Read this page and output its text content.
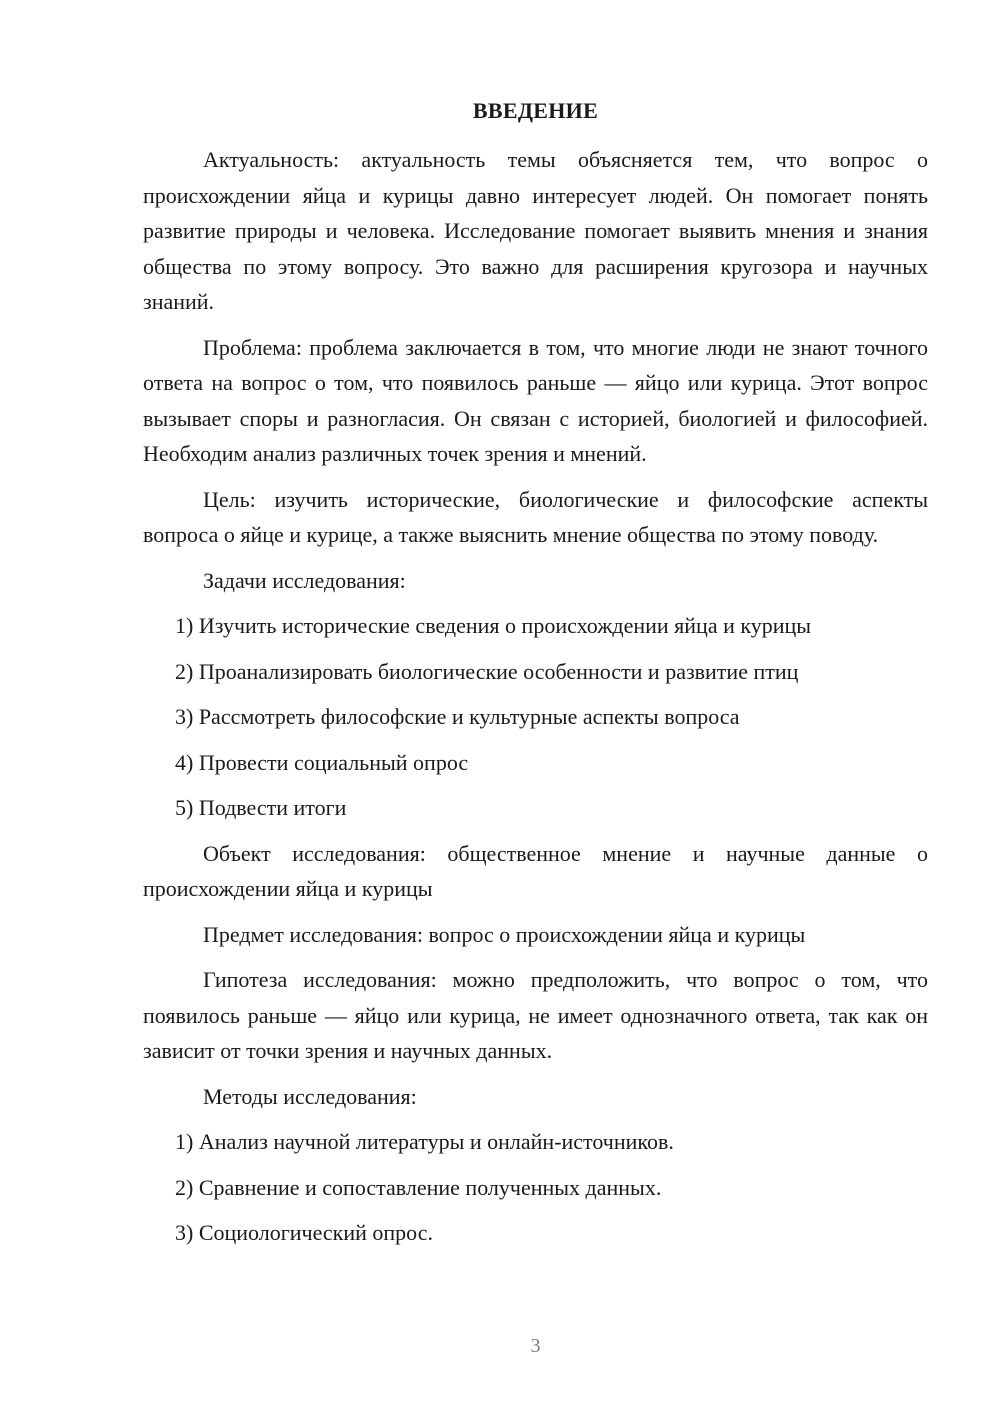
ВВЕДЕНИЕ

Актуальность: актуальность темы объясняется тем, что вопрос о происхождении яйца и курицы давно интересует людей. Он помогает понять развитие природы и человека. Исследование помогает выявить мнения и знания общества по этому вопросу. Это важно для расширения кругозора и научных знаний.

Проблема: проблема заключается в том, что многие люди не знают точного ответа на вопрос о том, что появилось раньше — яйцо или курица. Этот вопрос вызывает споры и разногласия. Он связан с историей, биологией и философией. Необходим анализ различных точек зрения и мнений.

Цель: изучить исторические, биологические и философские аспекты вопроса о яйце и курице, а также выяснить мнение общества по этому поводу.

Задачи исследования:

1) Изучить исторические сведения о происхождении яйца и курицы

2) Проанализировать биологические особенности и развитие птиц

3) Рассмотреть философские и культурные аспекты вопроса

4) Провести социальный опрос

5) Подвести итоги

Объект исследования: общественное мнение и научные данные о происхождении яйца и курицы

Предмет исследования: вопрос о происхождении яйца и курицы

Гипотеза исследования: можно предположить, что вопрос о том, что появилось раньше — яйцо или курица, не имеет однозначного ответа, так как он зависит от точки зрения и научных данных.

Методы исследования:

1) Анализ научной литературы и онлайн-источников.

2) Сравнение и сопоставление полученных данных.

3) Социологический опрос.

3
